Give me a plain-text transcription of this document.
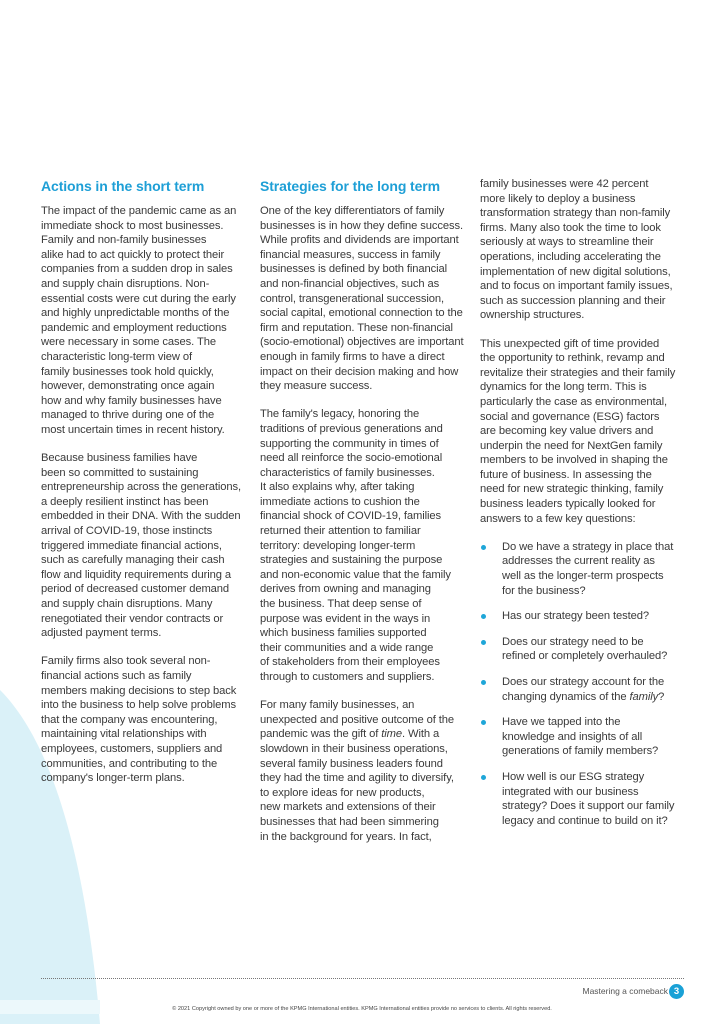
Actions in the short term

The impact of the pandemic came as an
immediate shock to most businesses.
Family and non-family businesses
alike had to act quickly to protect their
companies from a sudden drop in sales
and supply chain disruptions. Non-
essential costs were cut during the early
and highly unpredictable months of the
pandemic and employment reductions
were necessary in some cases. The
characteristic long-term view of
family businesses took hold quickly,
however, demonstrating once again
how and why family businesses have
managed to thrive during one of the
most uncertain times in recent history.

Because business families have
been so committed to sustaining
entrepreneurship across the generations,
a deeply resilient instinct has been
embedded in their DNA. With the sudden
arrival of COVID-19, those instincts
triggered immediate financial actions,
such as carefully managing their cash
flow and liquidity requirements during a
period of decreased customer demand
and supply chain disruptions. Many
renegotiated their vendor contracts or
adjusted payment terms.

Family firms also took several non-
financial actions such as family
members making decisions to step back
into the business to help solve problems
that the company was encountering,
maintaining vital relationships with
employees, customers, suppliers and
communities, and contributing to the
company's longer-term plans.

Strategies for the long term

One of the key differentiators of family
businesses is in how they define success.
While profits and dividends are important
financial measures, success in family
businesses is defined by both financial
and non-financial objectives, such as
control, transgenerational succession,
social capital, emotional connection to the
firm and reputation. These non-financial
(socio-emotional) objectives are important
enough in family firms to have a direct
impact on their decision making and how
they measure success.

The family's legacy, honoring the
traditions of previous generations and
supporting the community in times of
need all reinforce the socio-emotional
characteristics of family businesses.
It also explains why, after taking
immediate actions to cushion the
financial shock of COVID-19, families
returned their attention to familiar
territory: developing longer-term
strategies and sustaining the purpose
and non-economic value that the family
derives from owning and managing
the business. That deep sense of
purpose was evident in the ways in
which business families supported
their communities and a wide range
of stakeholders from their employees
through to customers and suppliers.

For many family businesses, an
unexpected and positive outcome of the
pandemic was the gift of time. With a
slowdown in their business operations,
several family business leaders found
they had the time and agility to diversify,
to explore ideas for new products,
new markets and extensions of their
businesses that had been simmering
in the background for years. In fact,

family businesses were 42 percent
more likely to deploy a business
transformation strategy than non-family
firms. Many also took the time to look
seriously at ways to streamline their
operations, including accelerating the
implementation of new digital solutions,
and to focus on important family issues,
such as succession planning and their
ownership structures.

This unexpected gift of time provided
the opportunity to rethink, revamp and
revitalize their strategies and their family
dynamics for the long term. This is
particularly the case as environmental,
social and governance (ESG) factors
are becoming key value drivers and
underpin the need for NextGen family
members to be involved in shaping the
future of business. In assessing the
need for new strategic thinking, family
business leaders typically looked for
answers to a few key questions:

Do we have a strategy in place that
addresses the current reality as
well as the longer-term prospects
for the business?
Has our strategy been tested?
Does our strategy need to be
refined or completely overhauled?
Does our strategy account for the
changing dynamics of the family?
Have we tapped into the
knowledge and insights of all
generations of family members?
How well is our ESG strategy
integrated with our business
strategy? Does it support our family
legacy and continue to build on it?
Mastering a comeback 3
© 2021 Copyright owned by one or more of the KPMG International entities. KPMG International entities provide no services to clients. All rights reserved.
